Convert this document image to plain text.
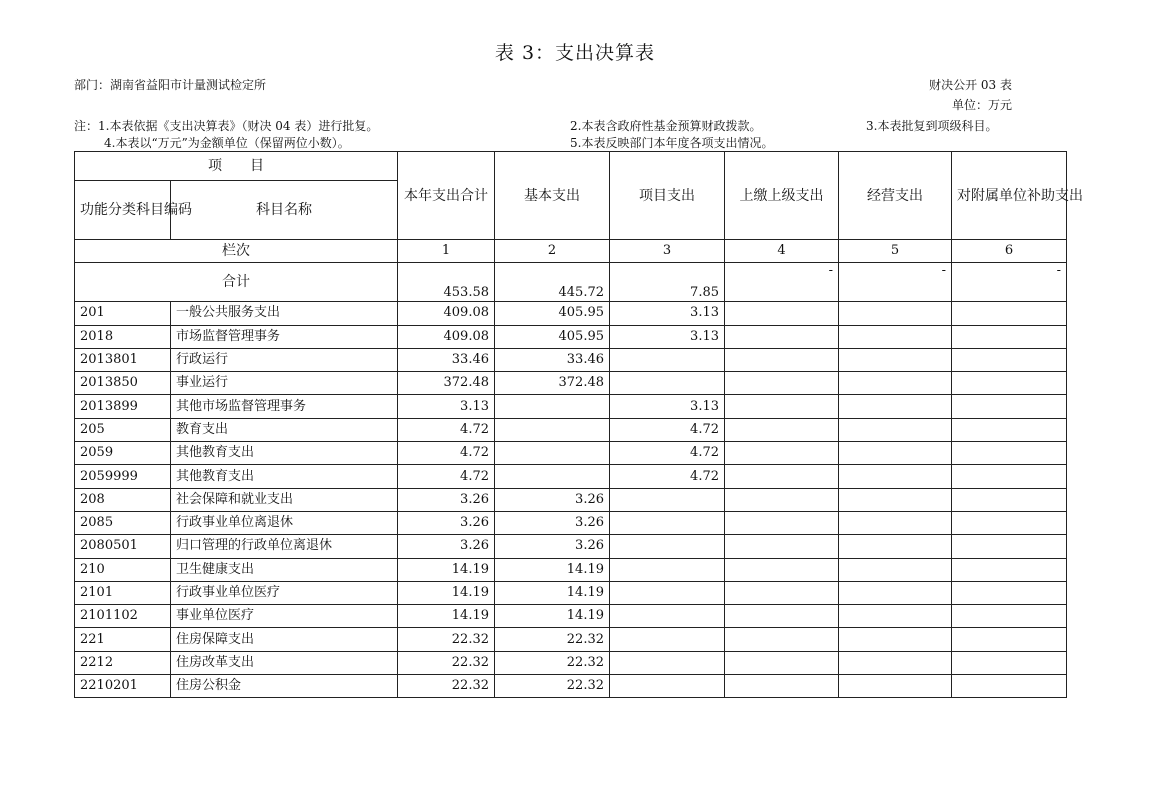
表 3：支出决算表
部门：湖南省益阳市计量测试检定所	财决公开 03 表
单位：万元
注：1.本表依据《支出决算表》（财决 04 表）进行批复。	2.本表含政府性基金预算财政拨款。	3.本表批复到项级科目。
4.本表以“万元”为金额单位（保留两位小数）。	5.本表反映部门本年度各项支出情况。
项　　目		本年支出合计	基本支出	项目支出	上缴上级支出	经营支出	对附属单位补助支出
功能分类科目编码	科目名称						
栏次		1	2	3	4	5	6
合计		453.58	445.72	7.85	-	-	-
201	一般公共服务支出	409.08	405.95	3.13			
2018	市场监督管理事务	409.08	405.95	3.13			
2013801	行政运行	33.46	33.46				
2013850	事业运行	372.48	372.48				
2013899	其他市场监督管理事务	3.13		3.13			
205	教育支出	4.72		4.72			
2059	其他教育支出	4.72		4.72			
2059999	其他教育支出	4.72		4.72			
208	社会保障和就业支出	3.26	3.26				
2085	行政事业单位离退休	3.26	3.26				
2080501	归口管理的行政单位离退休	3.26	3.26				
210	卫生健康支出	14.19	14.19				
2101	行政事业单位医疗	14.19	14.19				
2101102	事业单位医疗	14.19	14.19				
221	住房保障支出	22.32	22.32				
2212	住房改革支出	22.32	22.32				
2210201	住房公积金	22.32	22.32				
